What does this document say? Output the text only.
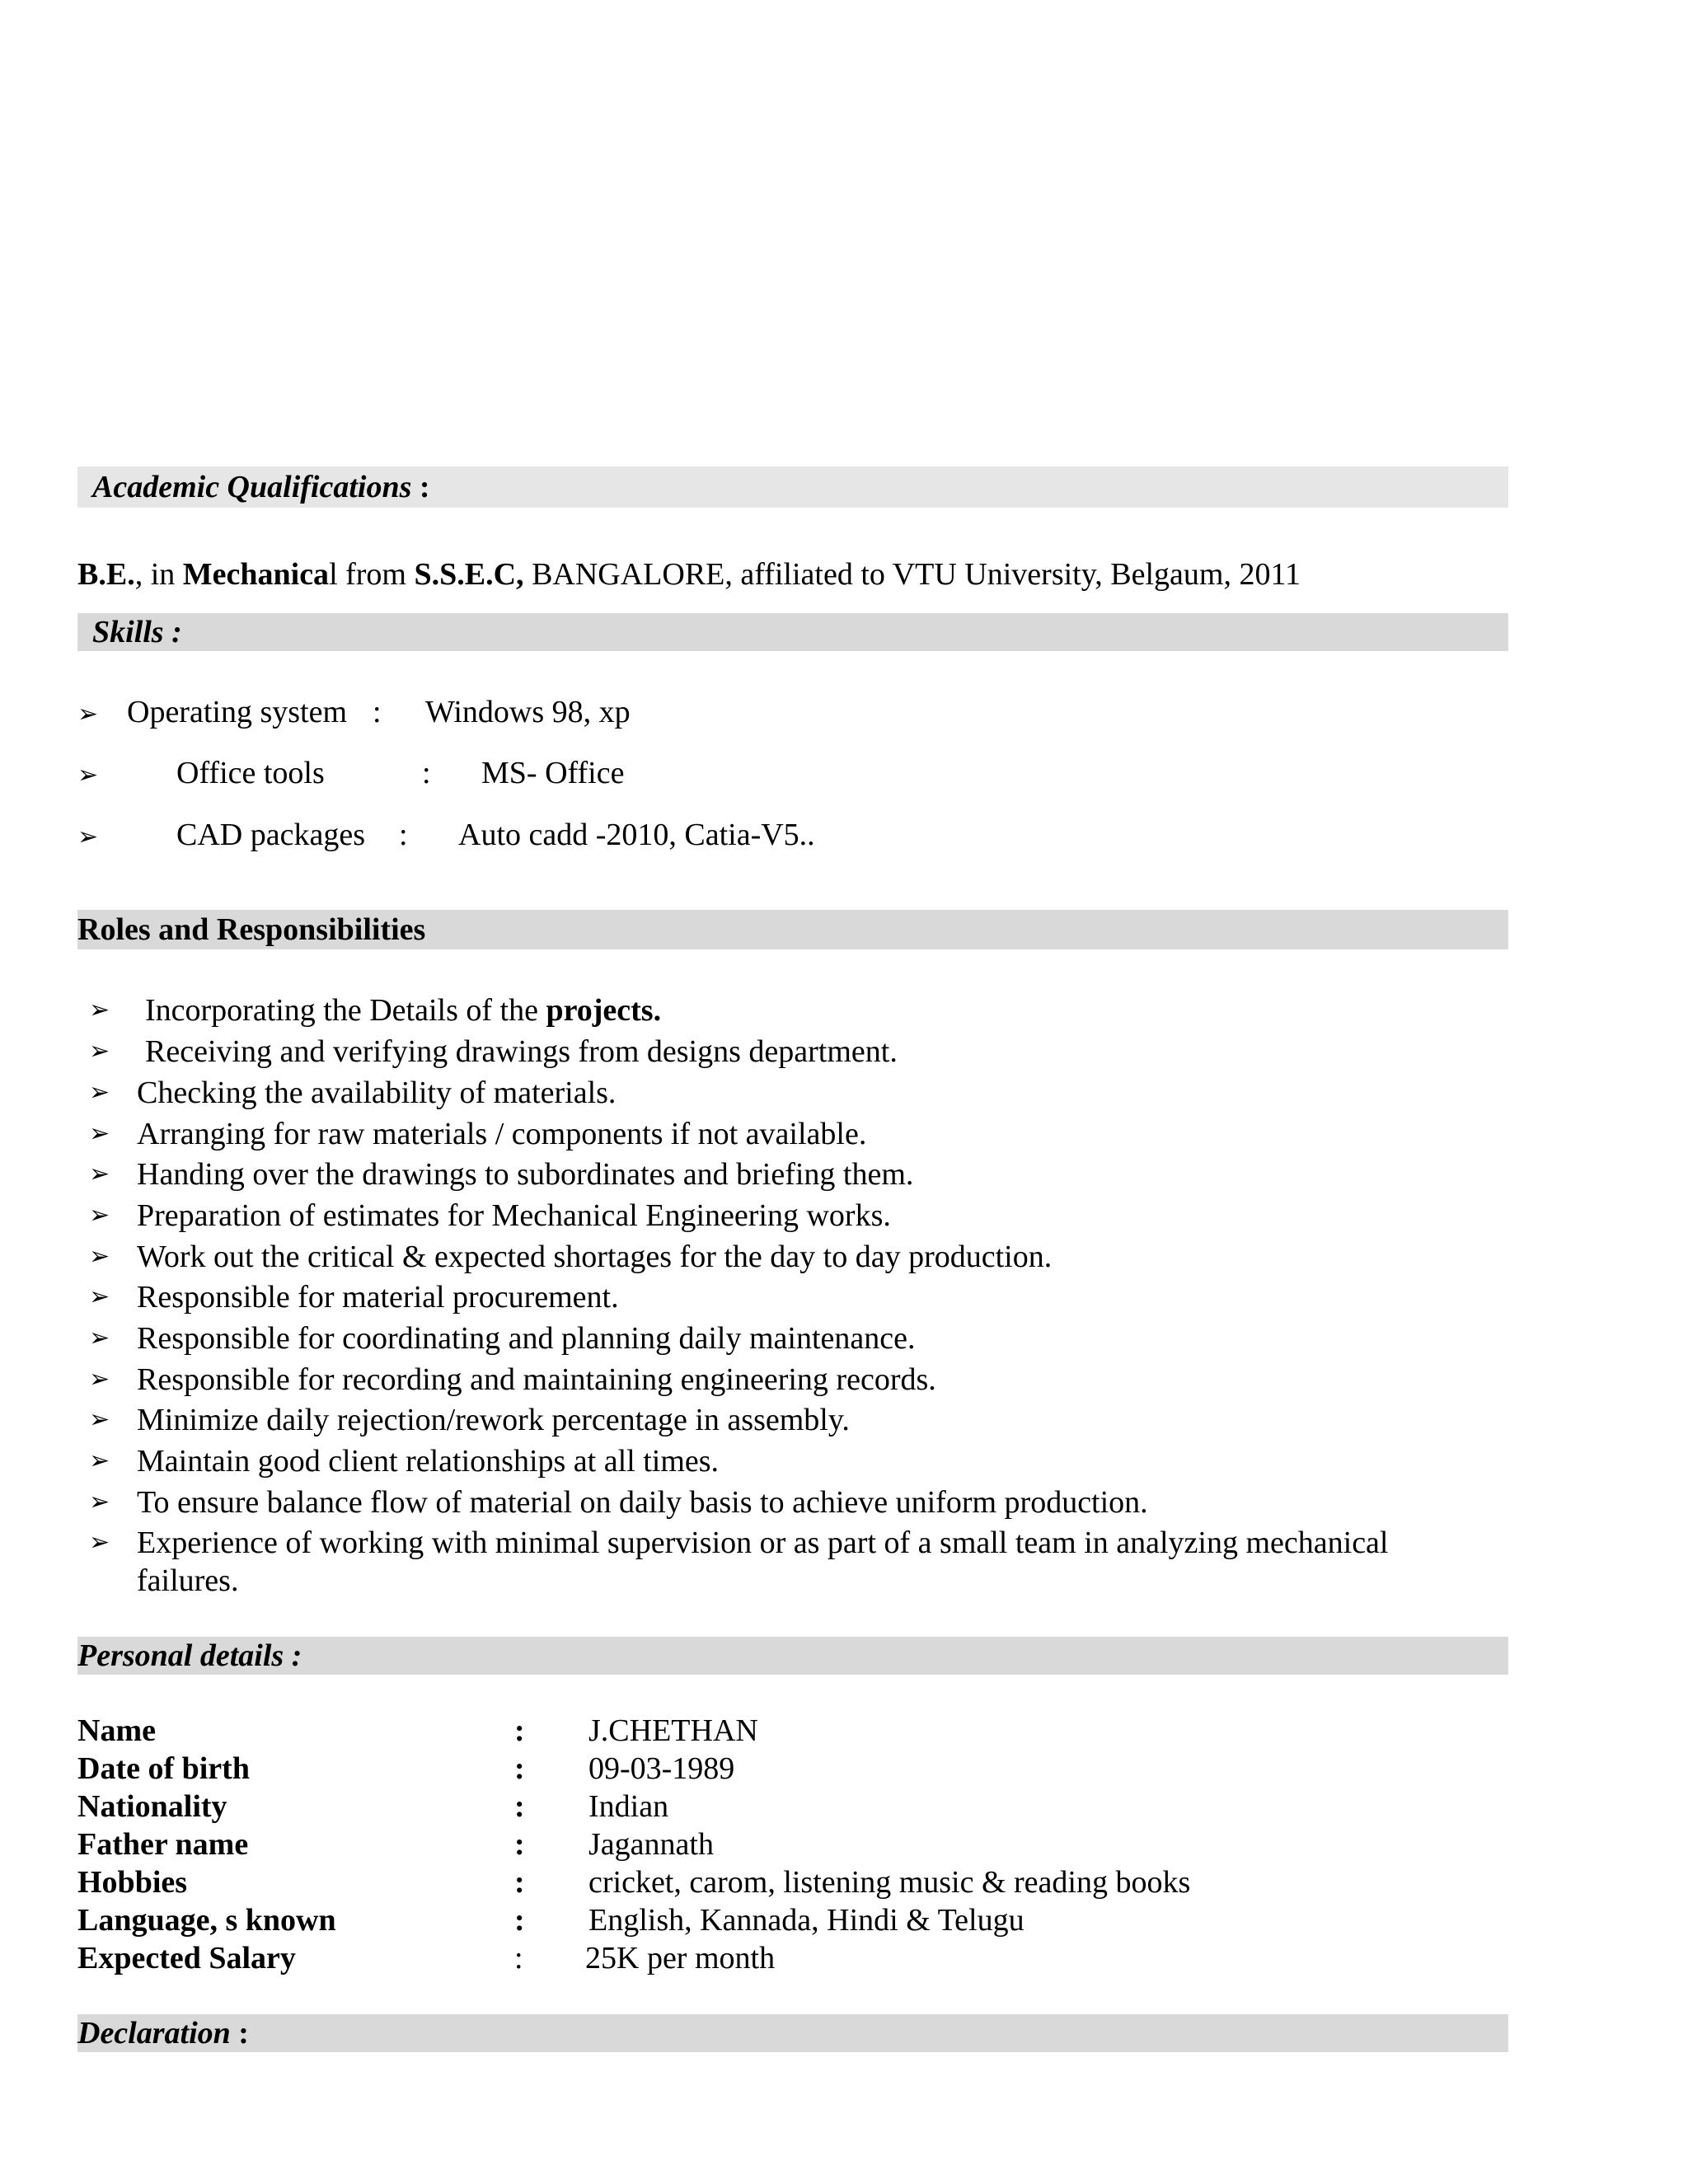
Academic Qualifications :
B.E., in Mechanical from S.S.E.C, BANGALORE, affiliated to VTU University, Belgaum, 2011
Skills :
➢ Operating system : Windows 98, xp
➢ Office tools	: MS- Office
➢ CAD packages : Auto cadd -2010, Catia-V5..
Roles and Responsibilities
➢ Incorporating the Details of the projects.
➢ Receiving and verifying drawings from designs department.
➢ Checking the availability of materials.
➢ Arranging for raw materials / components if not available.
➢ Handing over the drawings to subordinates and briefing them.
➢ Preparation of estimates for Mechanical Engineering works.
➢ Work out the critical & expected shortages for the day to day production.
➢ Responsible for material procurement.
➢ Responsible for coordinating and planning daily maintenance.
➢ Responsible for recording and maintaining engineering records.
➢ Minimize daily rejection/rework percentage in assembly.
➢ Maintain good client relationships at all times.
➢ To ensure balance flow of material on daily basis to achieve uniform production.
➢ Experience of working with minimal supervision or as part of a small team in analyzing mechanical
failures.
Personal details :
Name	: J.CHETHAN
Date of birth	: 09-03-1989
Nationality	: Indian
Father name	: Jagannath
Hobbies	: cricket, carom, listening music & reading books
Language, s known	: English, Kannada, Hindi & Telugu
Expected Salary	: 25K per month
Declaration :
